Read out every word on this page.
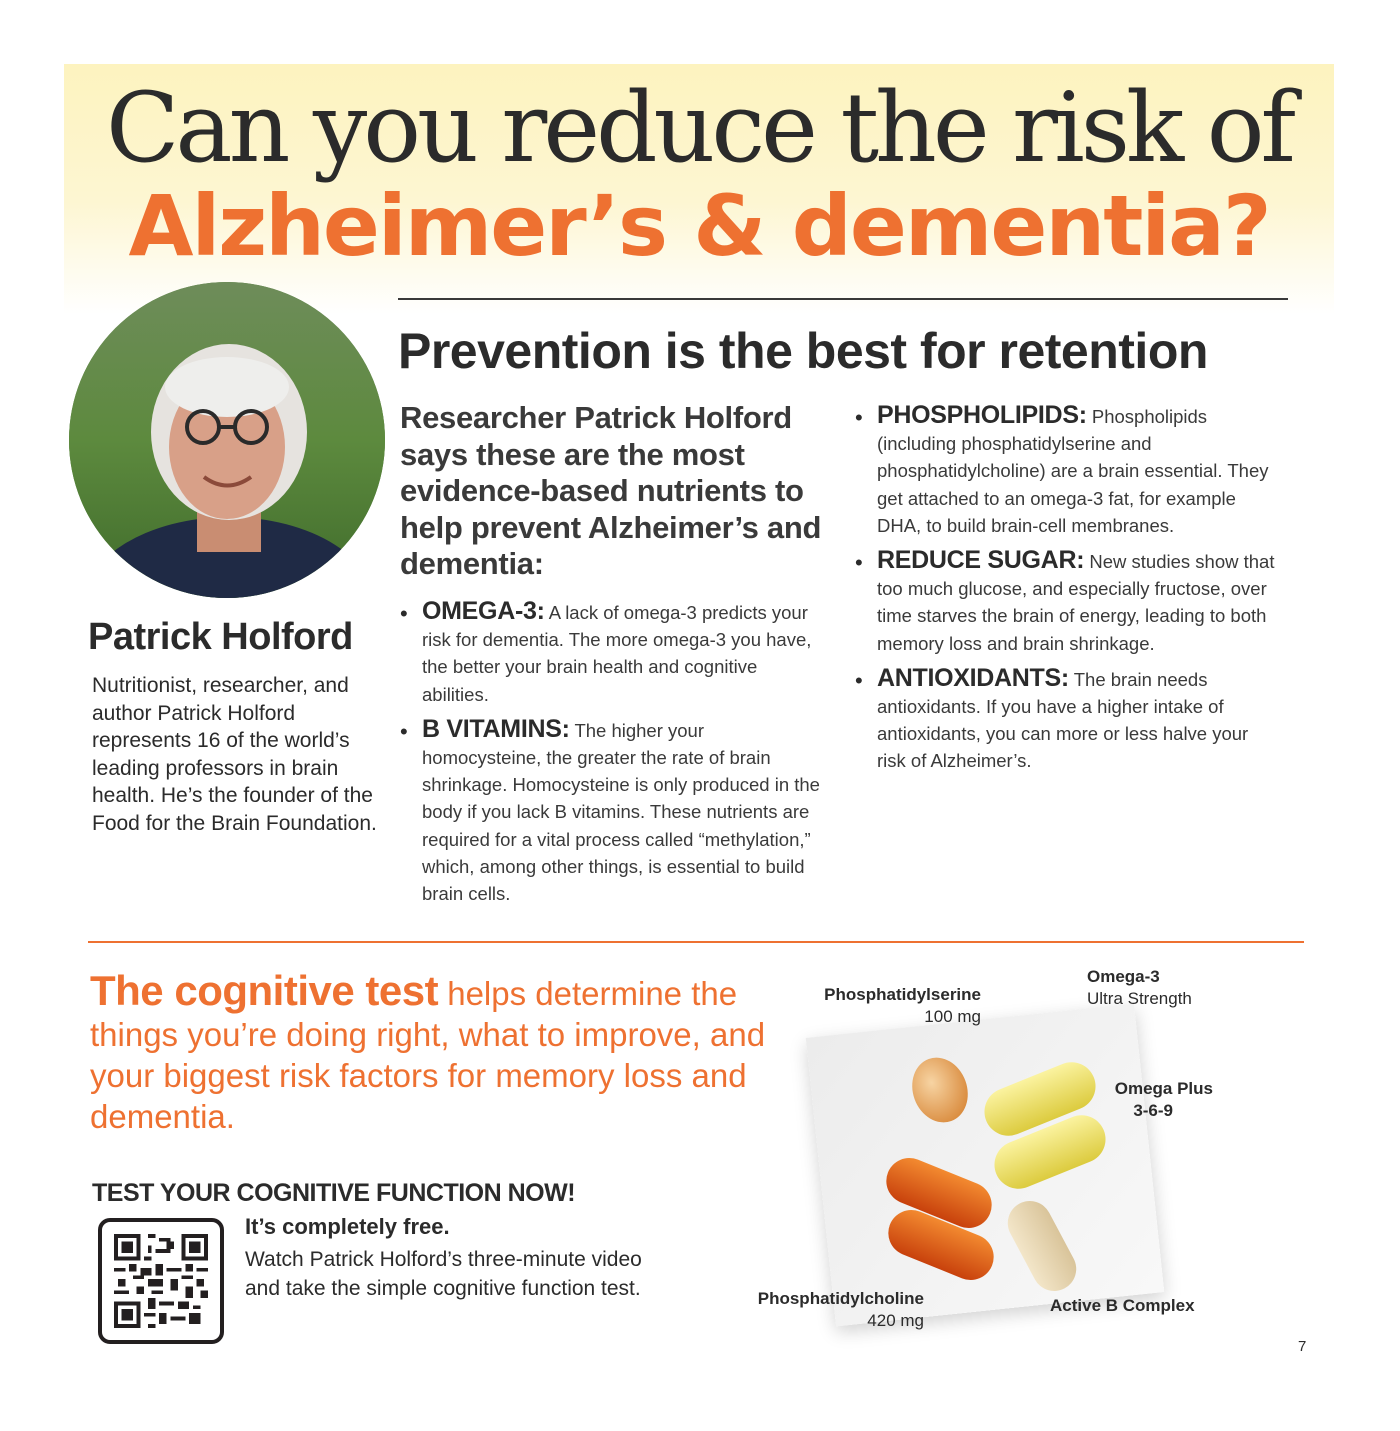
Can you reduce the risk of
Alzheimer’s & dementia?
Patrick Holford
Nutritionist, researcher, and author Patrick Holford represents 16 of the world’s leading professors in brain health. He’s the founder of the Food for the Brain Foundation.
Prevention is the best for retention
Researcher Patrick Holford says these are the most evidence-based nutrients to help prevent Alzheimer’s and dementia:
• OMEGA-3: A lack of omega-3 predicts your risk for dementia. The more omega-3 you have, the better your brain health and cognitive abilities.
• B VITAMINS: The higher your homocysteine, the greater the rate of brain shrinkage. Homocysteine is only produced in the body if you lack B vitamins. These nutrients are required for a vital process called “methylation,” which, among other things, is essential to build brain cells.
• PHOSPHOLIPIDS: Phospholipids (including phosphatidylserine and phosphatidylcholine) are a brain essential. They get attached to an omega-3 fat, for example DHA, to build brain-cell membranes.
• REDUCE SUGAR: New studies show that too much glucose, and especially fructose, over time starves the brain of energy, leading to both memory loss and brain shrinkage.
• ANTIOXIDANTS: The brain needs antioxidants. If you have a higher intake of antioxidants, you can more or less halve your risk of Alzheimer’s.
The cognitive test helps determine the things you’re doing right, what to improve, and your biggest risk factors for memory loss and dementia.
TEST YOUR COGNITIVE FUNCTION NOW!
It’s completely free.
Watch Patrick Holford’s three-minute video and take the simple cognitive function test.
Phosphatidylserine
100 mg
Omega-3
Ultra Strength
Omega Plus
3-6-9
Phosphatidylcholine
420 mg
Active B Complex
7
